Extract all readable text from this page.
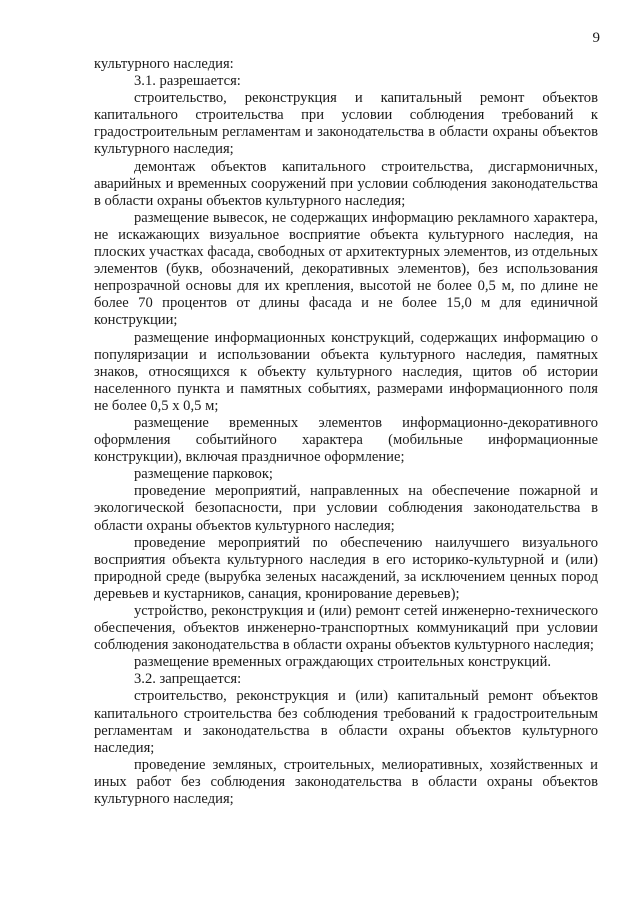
9

культурного наследия:

3.1. разрешается:

строительство, реконструкция и капитальный ремонт объектов капитального строительства при условии соблюдения требований к градостроительным регламентам и законодательства в области охраны объектов культурного наследия;

демонтаж объектов капитального строительства, дисгармоничных, аварийных и временных сооружений при условии соблюдения законодательства в области охраны объектов культурного наследия;

размещение вывесок, не содержащих информацию рекламного характера, не искажающих визуальное восприятие объекта культурного наследия, на плоских участках фасада, свободных от архитектурных элементов, из отдельных элементов (букв, обозначений, декоративных элементов), без использования непрозрачной основы для их крепления, высотой не более 0,5 м, по длине не более 70 процентов от длины фасада и не более 15,0 м для единичной конструкции;

размещение информационных конструкций, содержащих информацию о популяризации и использовании объекта культурного наследия, памятных знаков, относящихся к объекту культурного наследия, щитов об истории населенного пункта и памятных событиях, размерами информационного поля не более 0,5 х 0,5 м;

размещение временных элементов информационно-декоративного оформления событийного характера (мобильные информационные конструкции), включая праздничное оформление;

размещение парковок;

проведение мероприятий, направленных на обеспечение пожарной и экологической безопасности, при условии соблюдения законодательства в области охраны объектов культурного наследия;

проведение мероприятий по обеспечению наилучшего визуального восприятия объекта культурного наследия в его историко-культурной и (или) природной среде (вырубка зеленых насаждений, за исключением ценных пород деревьев и кустарников, санация, кронирование деревьев);

устройство, реконструкция и (или) ремонт сетей инженерно-технического обеспечения, объектов инженерно-транспортных коммуникаций при условии соблюдения законодательства в области охраны объектов культурного наследия;

размещение временных ограждающих строительных конструкций.

3.2. запрещается:

строительство, реконструкция и (или) капитальный ремонт объектов капитального строительства без соблюдения требований к градостроительным регламентам и законодательства в области охраны объектов культурного наследия;

проведение земляных, строительных, мелиоративных, хозяйственных и иных работ без соблюдения законодательства в области охраны объектов культурного наследия;
